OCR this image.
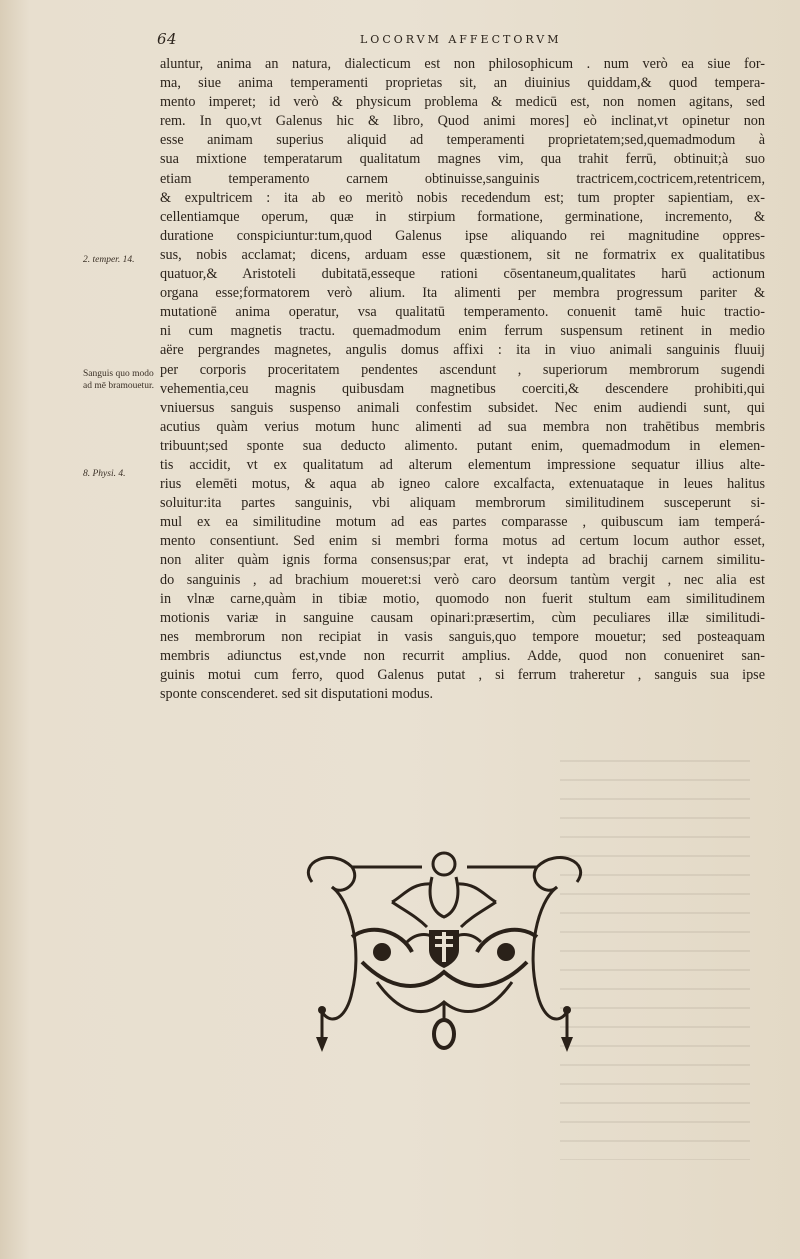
64	LOCORVM AFFECTORVM
2. temper. 14.
Sanguis quo modo ad mē bramouetur.
8. Physi. 4.
aluntur, anima an natura, dialecticum est non philosophicum . num verò ea siue for-
ma, siue anima temperamenti proprietas sit, an diuinius quiddam,& quod tempera-
mento imperet; id verò & physicum problema & medicū est, non nomen agitans, sed
rem. In quo,vt Galenus hic & libro, Quod animi mores] eò inclinat,vt opinetur non
esse animam superius aliquid ad temperamenti proprietatem;sed,quemadmodum à
sua mixtione temperatarum qualitatum magnes vim, qua trahit ferrū, obtinuit;à suo
etiam temperamento carnem obtinuisse,sanguinis tractricem,coctricem,retentricem,
& expultricem : ita ab eo meritò nobis recedendum est; tum propter sapientiam, ex-
cellentiamque operum, quæ in stirpium formatione, germinatione, incremento, &
duratione conspiciuntur:tum,quod Galenus ipse aliquando rei magnitudine oppres-
sus, nobis acclamat; dicens, arduam esse quæstionem, sit ne formatrix ex qualitatibus
quatuor,& Aristoteli dubitatā,esseque rationi cōsentaneum,qualitates harū actionum
organa esse;formatorem verò alium. Ita alimenti per membra progressum pariter &
mutationē anima operatur, vsa qualitatū temperamento. conuenit tamē huic tractio-
ni cum magnetis tractu. quemadmodum enim ferrum suspensum retinent in medio
aëre pergrandes magnetes, angulis domus affixi : ita in viuo animali sanguinis fluuij
per corporis proceritatem pendentes ascendunt , superiorum membrorum sugendi
vehementia,ceu magnis quibusdam magnetibus coerciti,& descendere prohibiti,qui
vniuersus sanguis suspenso animali confestim subsidet. Nec enim audiendi sunt, qui
acutius quàm verius motum hunc alimenti ad sua membra non trahētibus membris
tribuunt;sed sponte sua deducto alimento. putant enim, quemadmodum in elemen-
tis accidit, vt ex qualitatum ad alterum elementum impressione sequatur illius alte-
rius elemēti motus, & aqua ab igneo calore excalfacta, extenuataque in leues halitus
soluitur:ita partes sanguinis, vbi aliquam membrorum similitudinem susceperunt si-
mul ex ea similitudine motum ad eas partes comparasse , quibuscum iam temperá-
mento consentiunt. Sed enim si membri forma motus ad certum locum author esset,
non aliter quàm ignis forma consensus;par erat, vt indepta ad brachij carnem similitu-
do sanguinis , ad brachium moueret:si verò caro deorsum tantùm vergit , nec alia est
in vlnæ carne,quàm in tibiæ motio, quomodo non fuerit stultum eam similitudinem
motionis variæ in sanguine causam opinari:præsertim, cùm peculiares illæ similitudi-
nes membrorum non recipiat in vasis sanguis,quo tempore mouetur; sed posteaquam
membris adiunctus est,vnde non recurrit amplius. Adde, quod non conueniret san-
guinis motui cum ferro, quod Galenus putat , si ferrum traheretur , sanguis sua ipse
sponte conscenderet. sed sit disputationi modus.
